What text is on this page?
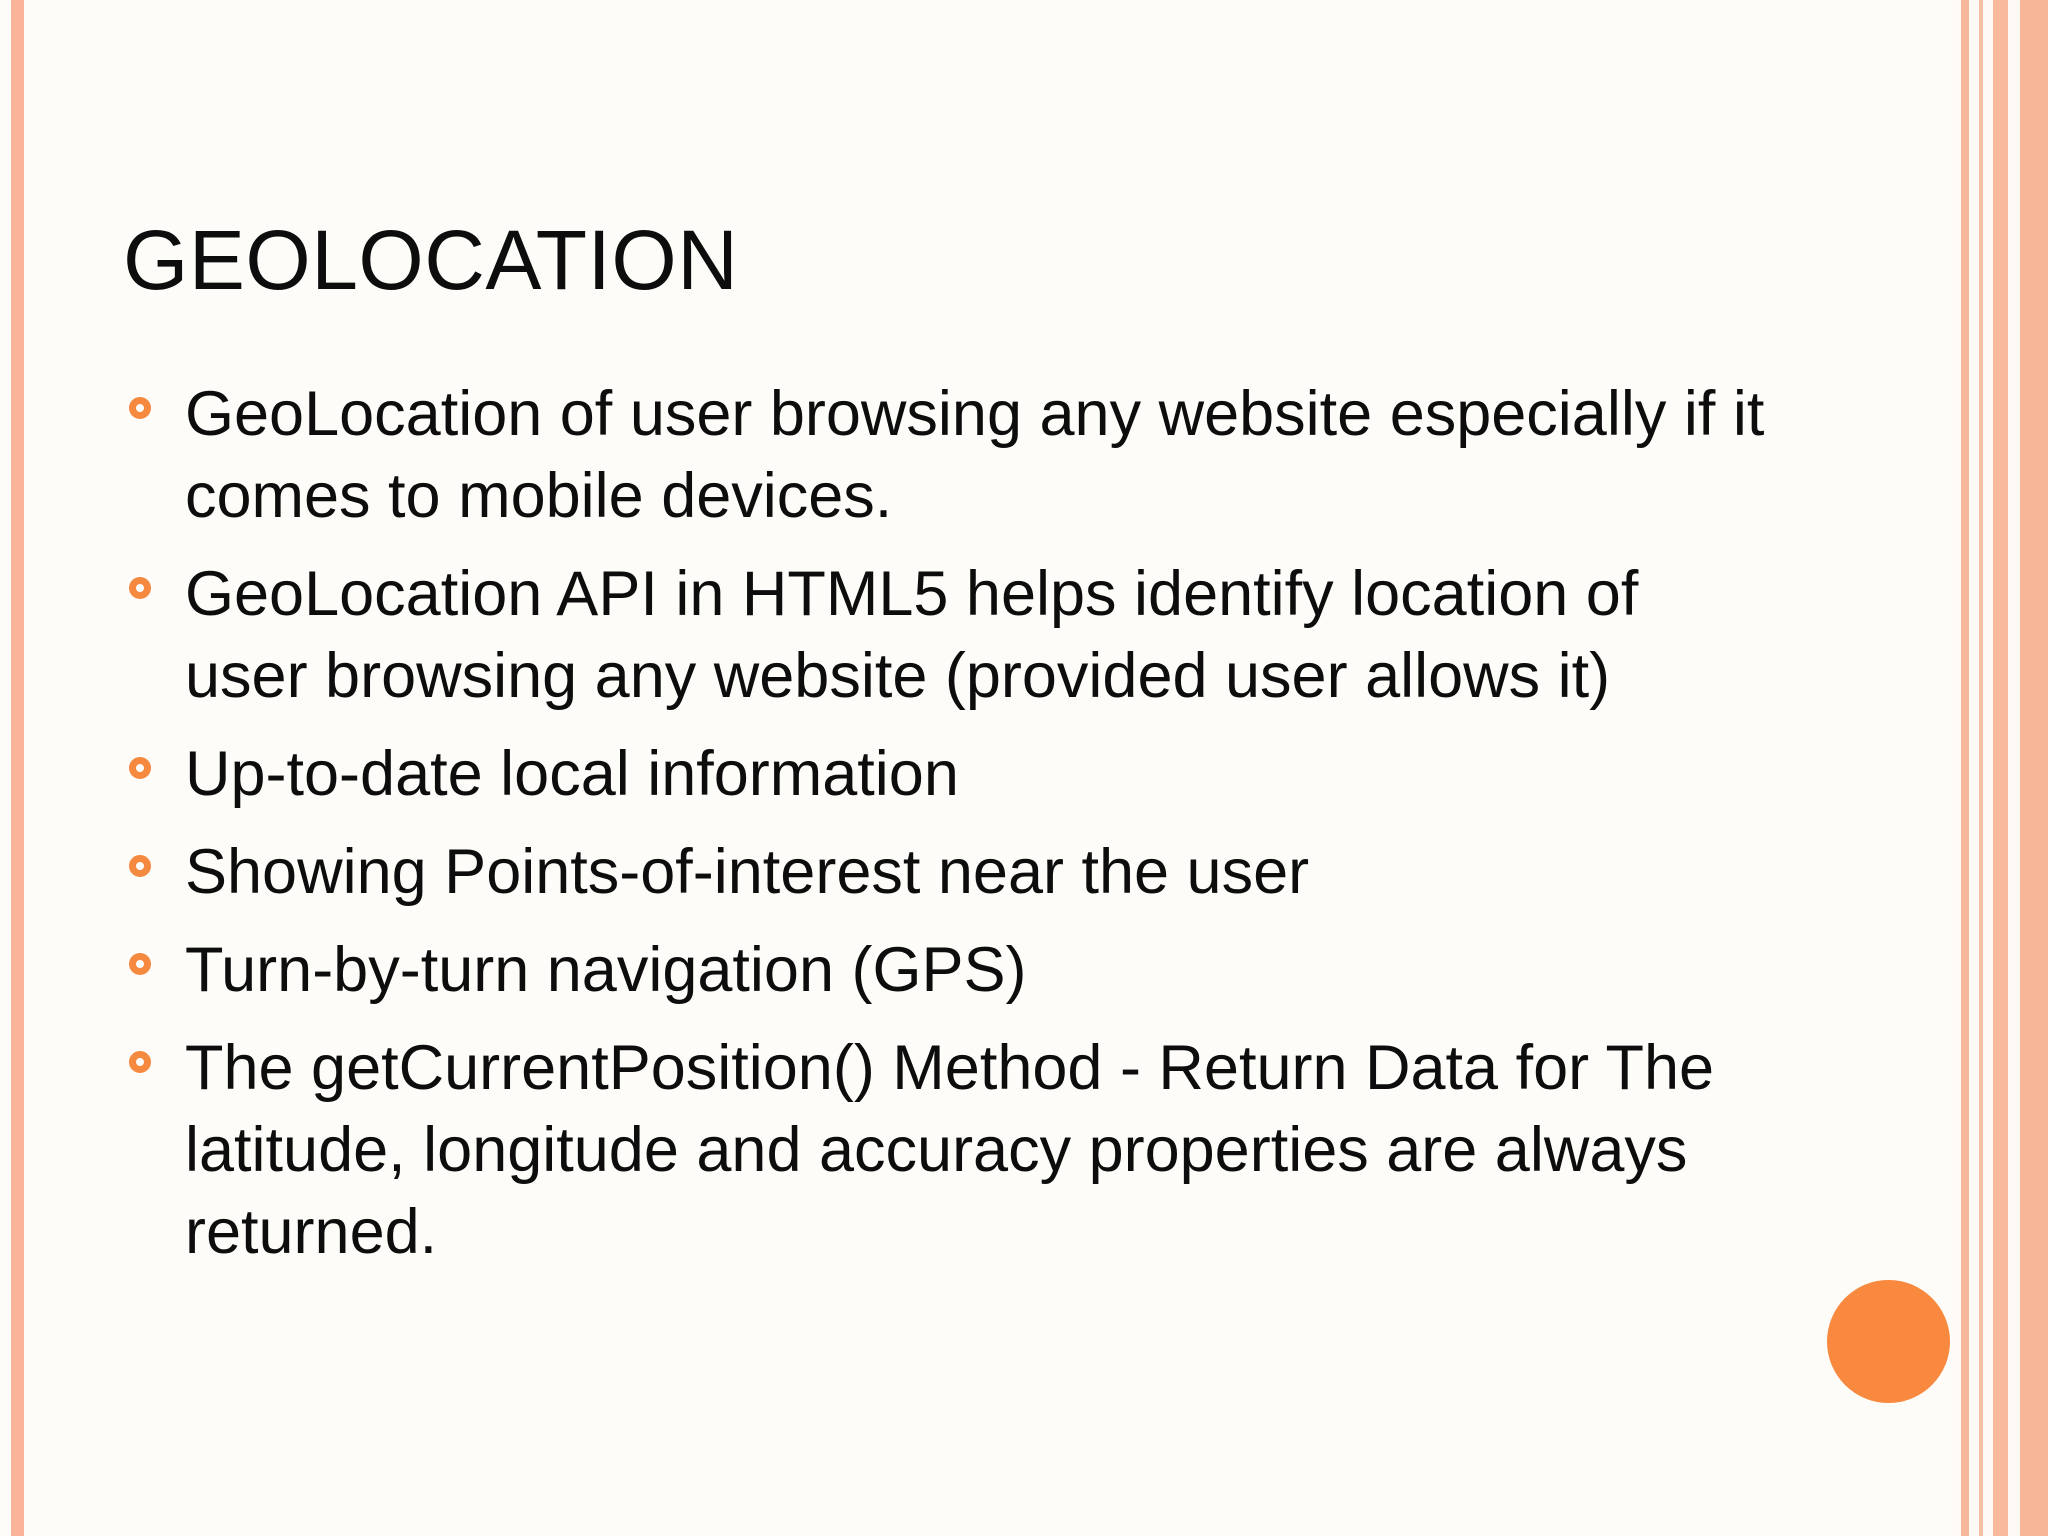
GEOLOCATION
GeoLocation of user browsing any website especially if it comes to mobile devices.
GeoLocation API in HTML5 helps identify location of user browsing any website (provided user allows it)
Up-to-date local information
Showing Points-of-interest near the user
Turn-by-turn navigation (GPS)
The getCurrentPosition() Method - Return Data for The latitude, longitude and accuracy properties are always returned.
